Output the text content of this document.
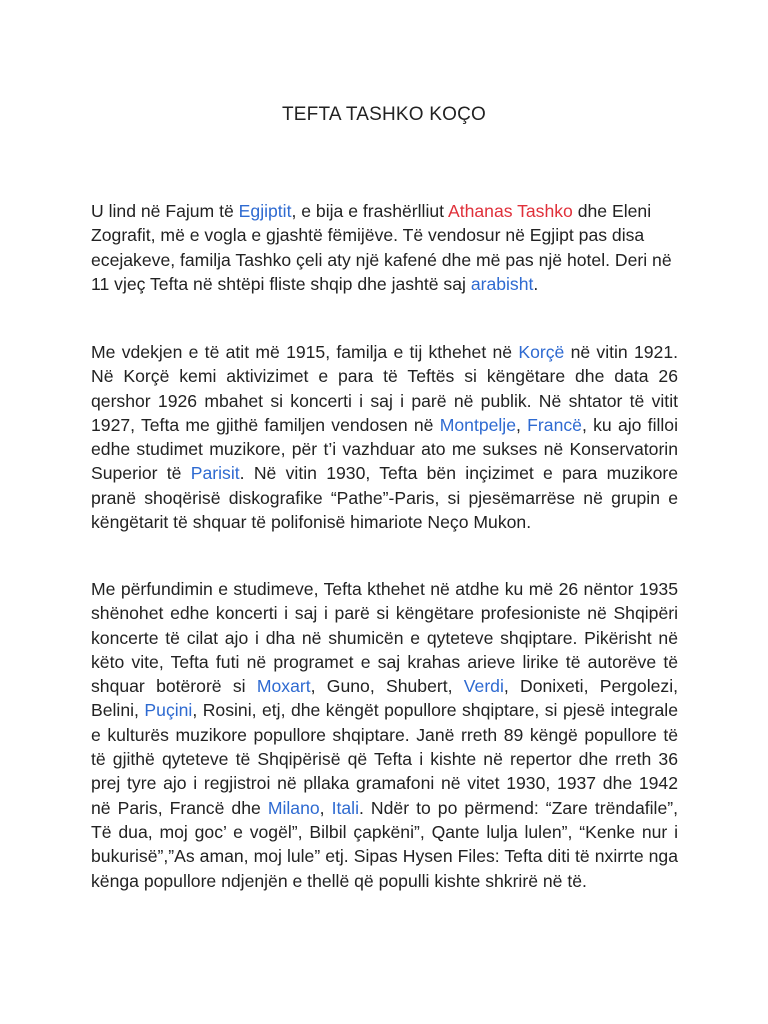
TEFTA TASHKO KOÇO

U lind në Fajum të Egjiptit, e bija e frashërlliut Athanas Tashko dhe Eleni Zografit, më e vogla e gjashtë fëmijëve. Të vendosur në Egjipt pas disa ecejakeve, familja Tashko çeli aty një kafené dhe më pas një hotel. Deri në 11 vjeç Tefta në shtëpi fliste shqip dhe jashtë saj arabisht.

Me vdekjen e të atit më 1915, familja e tij kthehet në Korçë në vitin 1921. Në Korçë kemi aktivizimet e para të Teftës si këngëtare dhe data 26 qershor 1926 mbahet si koncerti i saj i parë në publik. Në shtator të vitit 1927, Tefta me gjithë familjen vendosen në Montpelje, Francë, ku ajo filloi edhe studimet muzikore, për t’i vazhduar ato me sukses në Konservatorin Superior të Parisit. Në vitin 1930, Tefta bën inçizimet e para muzikore pranë shoqërisë diskografike “Pathe”-Paris, si pjesëmarrëse në grupin e këngëtarit të shquar të polifonisë himariote Neço Mukon.

Me përfundimin e studimeve, Tefta kthehet në atdhe ku më 26 nëntor 1935 shënohet edhe koncerti i saj i parë si këngëtare profesioniste në Shqipëri koncerte të cilat ajo i dha në shumicën e qyteteve shqiptare. Pikërisht në këto vite, Tefta futi në programet e saj krahas arieve lirike të autorëve të shquar botërorë si Moxart, Guno, Shubert, Verdi, Donixeti, Pergolezi, Belini, Puçini, Rosini, etj, dhe këngët popullore shqiptare, si pjesë integrale e kulturës muzikore popullore shqiptare. Janë rreth 89 këngë popullore të të gjithë qyteteve të Shqipërisë që Tefta i kishte në repertor dhe rreth 36 prej tyre ajo i regjistroi në pllaka gramafoni në vitet 1930, 1937 dhe 1942 në Paris, Francë dhe Milano, Itali. Ndër to po përmend: “Zare trëndafile”, Të dua, moj goc’ e vogël”, Bilbil çapkëni”, Qante lulja lulen”, “Kenke nur i bukurisë”,”As aman, moj lule” etj. Sipas Hysen Files: Tefta diti të nxirrte nga kënga popullore ndjenjën e thellë që populli kishte shkrirë në të.
